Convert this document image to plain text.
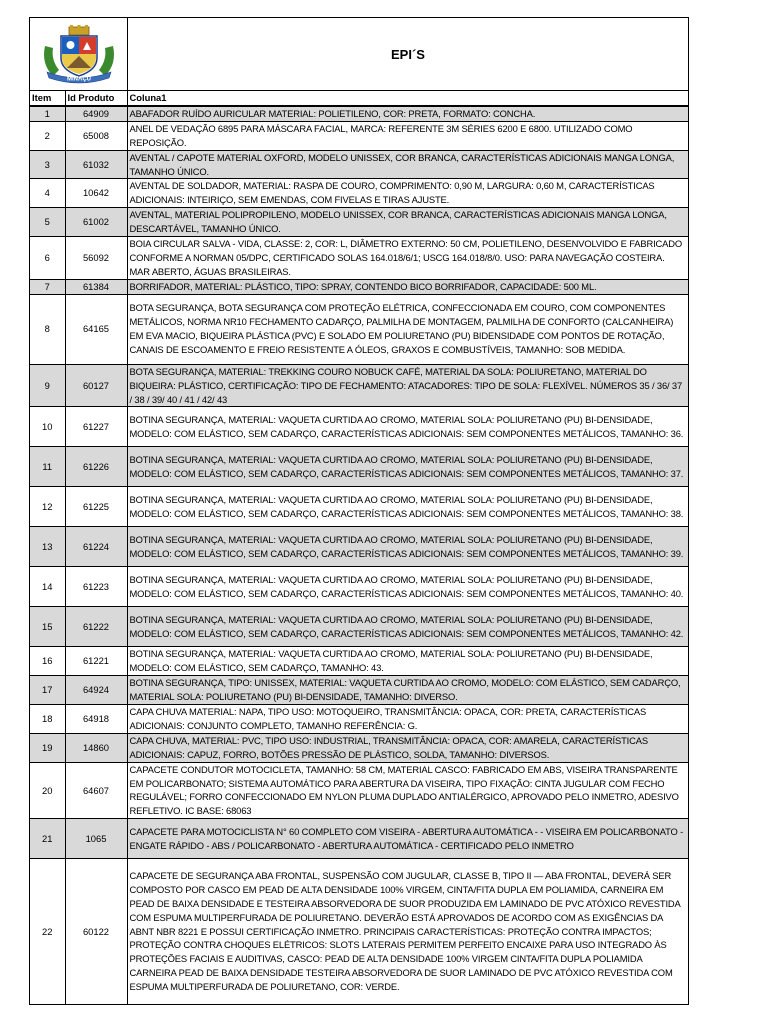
MINAÇU
EPI´S
Item	Id Produto	Coluna1
1	64909	ABAFADOR RUÍDO AURICULAR MATERIAL: POLIETILENO, COR: PRETA, FORMATO: CONCHA.
2	65008	ANEL DE VEDAÇÃO 6895 PARA MÁSCARA FACIAL, MARCA: REFERENTE 3M SÉRIES 6200 E 6800. UTILIZADO COMO REPOSIÇÃO.
3	61032	AVENTAL / CAPOTE MATERIAL OXFORD, MODELO UNISSEX, COR BRANCA, CARACTERÍSTICAS ADICIONAIS MANGA LONGA, TAMANHO ÚNICO.
4	10642	AVENTAL DE SOLDADOR, MATERIAL: RASPA DE COURO, COMPRIMENTO: 0,90 M, LARGURA: 0,60 M, CARACTERÍSTICAS ADICIONAIS: INTEIRIÇO, SEM EMENDAS, COM FIVELAS E TIRAS AJUSTE.
5	61002	AVENTAL, MATERIAL POLIPROPILENO, MODELO UNISSEX, COR BRANCA, CARACTERÍSTICAS ADICIONAIS MANGA LONGA, DESCARTÁVEL, TAMANHO ÚNICO.
6	56092	BOIA CIRCULAR SALVA - VIDA, CLASSE: 2, COR: L, DIÂMETRO EXTERNO: 50 CM, POLIETILENO, DESENVOLVIDO E FABRICADO CONFORME A NORMAN 05/DPC, CERTIFICADO SOLAS 164.018/6/1; USCG 164.018/8/0. USO: PARA NAVEGAÇÃO COSTEIRA. MAR ABERTO, ÁGUAS BRASILEIRAS.
7	61384	BORRIFADOR, MATERIAL: PLÁSTICO, TIPO: SPRAY, CONTENDO BICO BORRIFADOR, CAPACIDADE: 500 ML.
8	64165	BOTA SEGURANÇA, BOTA SEGURANÇA COM PROTEÇÃO ELÉTRICA, CONFECCIONADA EM COURO, COM COMPONENTES METÁLICOS, NORMA NR10 FECHAMENTO CADARÇO, PALMILHA DE MONTAGEM, PALMILHA DE CONFORTO (CALCANHEIRA) EM EVA MACIO, BIQUEIRA PLÁSTICA (PVC) E SOLADO EM POLIURETANO (PU) BIDENSIDADE COM PONTOS DE ROTAÇÃO, CANAIS DE ESCOAMENTO E FREIO RESISTENTE A ÓLEOS, GRAXOS E COMBUSTÍVEIS, TAMANHO: SOB MEDIDA.
9	60127	BOTA SEGURANÇA, MATERIAL: TREKKING COURO NOBUCK CAFÉ, MATERIAL DA SOLA: POLIURETANO, MATERIAL DO BIQUEIRA: PLÁSTICO, CERTIFICAÇÃO: TIPO DE FECHAMENTO: ATACADORES: TIPO DE SOLA: FLEXÍVEL. NÚMEROS 35 / 36/ 37 / 38 / 39/ 40 / 41 / 42/ 43
10	61227	BOTINA SEGURANÇA, MATERIAL: VAQUETA CURTIDA AO CROMO, MATERIAL SOLA: POLIURETANO (PU) BI-DENSIDADE, MODELO: COM ELÁSTICO, SEM CADARÇO, CARACTERÍSTICAS ADICIONAIS: SEM COMPONENTES METÁLICOS, TAMANHO: 36.
11	61226	BOTINA SEGURANÇA, MATERIAL: VAQUETA CURTIDA AO CROMO, MATERIAL SOLA: POLIURETANO (PU) BI-DENSIDADE, MODELO: COM ELÁSTICO, SEM CADARÇO, CARACTERÍSTICAS ADICIONAIS: SEM COMPONENTES METÁLICOS, TAMANHO: 37.
12	61225	BOTINA SEGURANÇA, MATERIAL: VAQUETA CURTIDA AO CROMO, MATERIAL SOLA: POLIURETANO (PU) BI-DENSIDADE, MODELO: COM ELÁSTICO, SEM CADARÇO, CARACTERÍSTICAS ADICIONAIS: SEM COMPONENTES METÁLICOS, TAMANHO: 38.
13	61224	BOTINA SEGURANÇA, MATERIAL: VAQUETA CURTIDA AO CROMO, MATERIAL SOLA: POLIURETANO (PU) BI-DENSIDADE, MODELO: COM ELÁSTICO, SEM CADARÇO, CARACTERÍSTICAS ADICIONAIS: SEM COMPONENTES METÁLICOS, TAMANHO: 39.
14	61223	BOTINA SEGURANÇA, MATERIAL: VAQUETA CURTIDA AO CROMO, MATERIAL SOLA: POLIURETANO (PU) BI-DENSIDADE, MODELO: COM ELÁSTICO, SEM CADARÇO, CARACTERÍSTICAS ADICIONAIS: SEM COMPONENTES METÁLICOS, TAMANHO: 40.
15	61222	BOTINA SEGURANÇA, MATERIAL: VAQUETA CURTIDA AO CROMO, MATERIAL SOLA: POLIURETANO (PU) BI-DENSIDADE, MODELO: COM ELÁSTICO, SEM CADARÇO, CARACTERÍSTICAS ADICIONAIS: SEM COMPONENTES METÁLICOS, TAMANHO: 42.
16	61221	BOTINA SEGURANÇA, MATERIAL: VAQUETA CURTIDA AO CROMO, MATERIAL SOLA: POLIURETANO (PU) BI-DENSIDADE, MODELO: COM ELÁSTICO, SEM CADARÇO, TAMANHO: 43.
17	64924	BOTINA SEGURANÇA, TIPO: UNISSEX, MATERIAL: VAQUETA CURTIDA AO CROMO, MODELO: COM ELÁSTICO, SEM CADARÇO, MATERIAL SOLA: POLIURETANO (PU) BI-DENSIDADE, TAMANHO: DIVERSO.
18	64918	CAPA CHUVA MATERIAL: NAPA, TIPO USO: MOTOQUEIRO, TRANSMITÂNCIA: OPACA, COR: PRETA, CARACTERÍSTICAS ADICIONAIS: CONJUNTO COMPLETO, TAMANHO REFERÊNCIA: G.
19	14860	CAPA CHUVA, MATERIAL: PVC, TIPO USO: INDUSTRIAL, TRANSMITÂNCIA: OPACA, COR: AMARELA, CARACTERÍSTICAS ADICIONAIS: CAPUZ, FORRO, BOTÕES PRESSÃO DE PLÁSTICO, SOLDA, TAMANHO: DIVERSOS.
20	64607	CAPACETE CONDUTOR MOTOCICLETA, TAMANHO: 58 CM, MATERIAL CASCO: FABRICADO EM ABS, VISEIRA TRANSPARENTE EM POLICARBONATO; SISTEMA AUTOMÁTICO PARA ABERTURA DA VISEIRA, TIPO FIXAÇÃO: CINTA JUGULAR COM FECHO REGULÁVEL; FORRO CONFECCIONADO EM NYLON PLUMA DUPLADO ANTIALÉRGICO, APROVADO PELO INMETRO, ADESIVO REFLETIVO. IC BASE: 68063
21	1065	CAPACETE PARA MOTOCICLISTA N° 60 COMPLETO COM VISEIRA - ABERTURA AUTOMÁTICA - - VISEIRA EM POLICARBONATO - ENGATE RÁPIDO - ABS / POLICARBONATO - ABERTURA AUTOMÁTICA - CERTIFICADO PELO INMETRO
22	60122	CAPACETE DE SEGURANÇA ABA FRONTAL, SUSPENSÃO COM JUGULAR, CLASSE B, TIPO II — ABA FRONTAL, DEVERÁ SER COMPOSTO POR CASCO EM PEAD DE ALTA DENSIDADE 100% VIRGEM, CINTA/FITA DUPLA EM POLIAMIDA, CARNEIRA EM PEAD DE BAIXA DENSIDADE E TESTEIRA ABSORVEDORA DE SUOR PRODUZIDA EM LAMINADO DE PVC ATÓXICO REVESTIDA COM ESPUMA MULTIPERFURADA DE POLIURETANO. DEVERÃO ESTÁ APROVADOS DE ACORDO COM AS EXIGÊNCIAS DA ABNT NBR 8221 E POSSUI CERTIFICAÇÃO INMETRO. PRINCIPAIS CARACTERÍSTICAS: PROTEÇÃO CONTRA IMPACTOS; PROTEÇÃO CONTRA CHOQUES ELÉTRICOS: SLOTS LATERAIS PERMITEM PERFEITO ENCAIXE PARA USO INTEGRADO ÀS PROTEÇÕES FACIAIS E AUDITIVAS, CASCO: PEAD DE ALTA DENSIDADE 100% VIRGEM CINTA/FITA DUPLA POLIAMIDA CARNEIRA PEAD DE BAIXA DENSIDADE TESTEIRA ABSORVEDORA DE SUOR LAMINADO DE PVC ATÓXICO REVESTIDA COM ESPUMA MULTIPERFURADA DE POLIURETANO, COR: VERDE.
